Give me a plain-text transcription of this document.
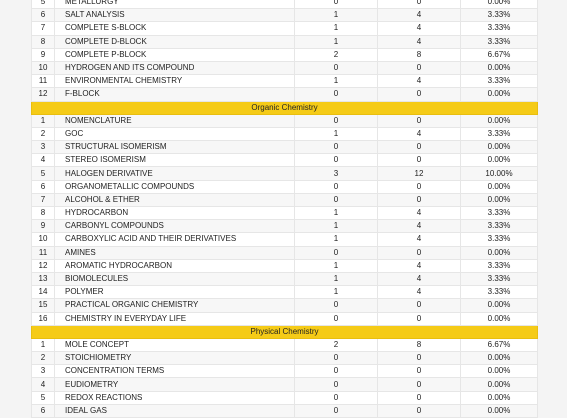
5	METALLURGY	0	0	0.00%
6	SALT ANALYSIS	1	4	3.33%
7	COMPLETE S-BLOCK	1	4	3.33%
8	COMPLETE D-BLOCK	1	4	3.33%
9	COMPLETE P-BLOCK	2	8	6.67%
10	HYDROGEN AND ITS COMPOUND	0	0	0.00%
11	ENVIRONMENTAL CHEMISTRY	1	4	3.33%
12	F-BLOCK	0	0	0.00%
Organic Chemistry				
1	NOMENCLATURE	0	0	0.00%
2	GOC	1	4	3.33%
3	STRUCTURAL ISOMERISM	0	0	0.00%
4	STEREO ISOMERISM	0	0	0.00%
5	HALOGEN DERIVATIVE	3	12	10.00%
6	ORGANOMETALLIC COMPOUNDS	0	0	0.00%
7	ALCOHOL & ETHER	0	0	0.00%
8	HYDROCARBON	1	4	3.33%
9	CARBONYL COMPOUNDS	1	4	3.33%
10	CARBOXYLIC ACID AND THEIR DERIVATIVES	1	4	3.33%
11	AMINES	0	0	0.00%
12	AROMATIC HYDROCARBON	1	4	3.33%
13	BIOMOLECULES	1	4	3.33%
14	POLYMER	1	4	3.33%
15	PRACTICAL ORGANIC CHEMISTRY	0	0	0.00%
16	CHEMISTRY IN EVERYDAY LIFE	0	0	0.00%
Physical Chemistry				
1	MOLE CONCEPT	2	8	6.67%
2	STOICHIOMETRY	0	0	0.00%
3	CONCENTRATION TERMS	0	0	0.00%
4	EUDIOMETRY	0	0	0.00%
5	REDOX REACTIONS	0	0	0.00%
6	IDEAL GAS	0	0	0.00%
